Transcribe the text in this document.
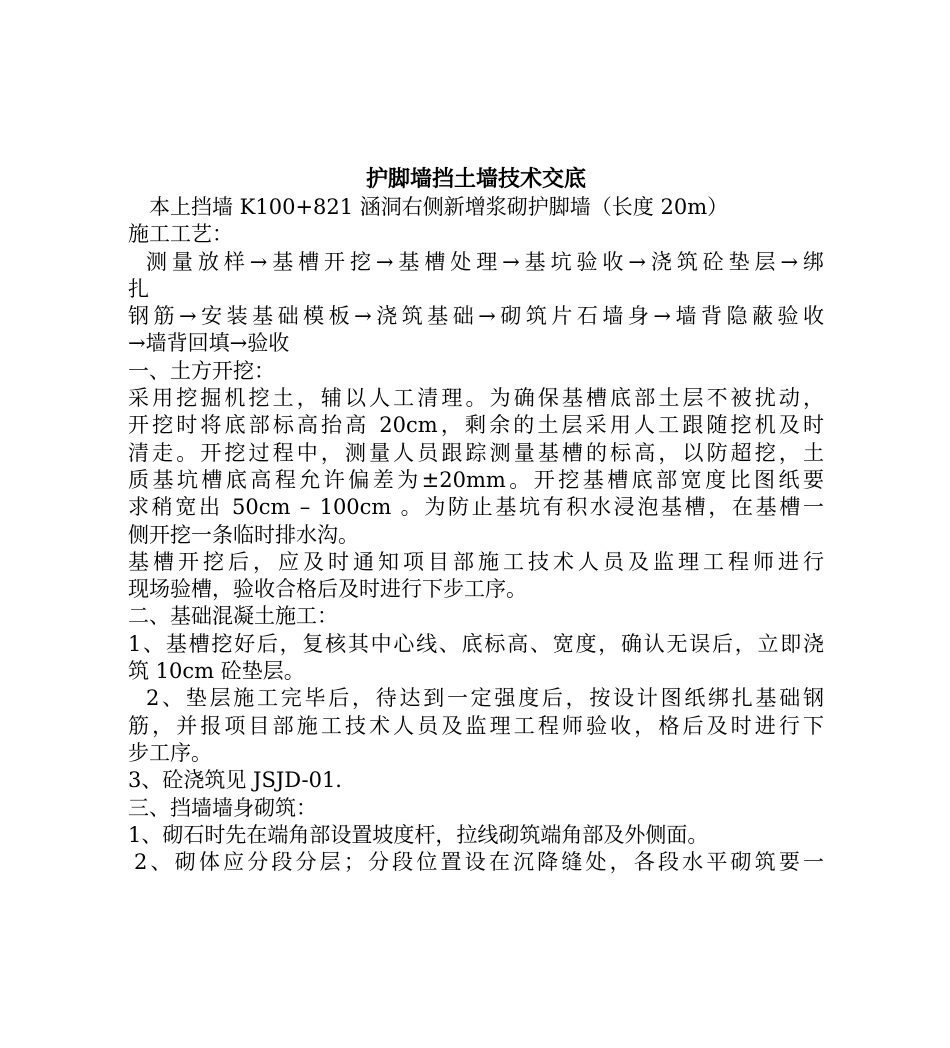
护脚墙挡土墙技术交底
本上挡墙 K100+821 涵洞右侧新增浆砌护脚墙（长度 20m）
施工工艺：
测量放样→基槽开挖→基槽处理→基坑验收→浇筑砼垫层→绑
扎
钢筋→安装基础模板→浇筑基础→砌筑片石墙身→墙背隐蔽验收
→墙背回填→验收
一、土方开挖：
采用挖掘机挖土，辅以人工清理。为确保基槽底部土层不被扰动，
开挖时将底部标高抬高 20cm，剩余的土层采用人工跟随挖机及时
清走。开挖过程中，测量人员跟踪测量基槽的标高，以防超挖，土
质基坑槽底高程允许偏差为±20mm。开挖基槽底部宽度比图纸要
求稍宽出 50cm – 100cm 。为防止基坑有积水浸泡基槽，在基槽一
侧开挖一条临时排水沟。
基槽开挖后，应及时通知项目部施工技术人员及监理工程师进行
现场验槽，验收合格后及时进行下步工序。
二、基础混凝土施工：
1、基槽挖好后，复核其中心线、底标高、宽度，确认无误后，立即浇
筑 10cm 砼垫层。
2、垫层施工完毕后，待达到一定强度后，按设计图纸绑扎基础钢
筋，并报项目部施工技术人员及监理工程师验收，格后及时进行下
步工序。
3、砼浇筑见 JSJD-01.
三、挡墙墙身砌筑：
1、砌石时先在端角部设置坡度杆，拉线砌筑端角部及外侧面。
2、砌体应分段分层；分段位置设在沉降缝处，各段水平砌筑要一
